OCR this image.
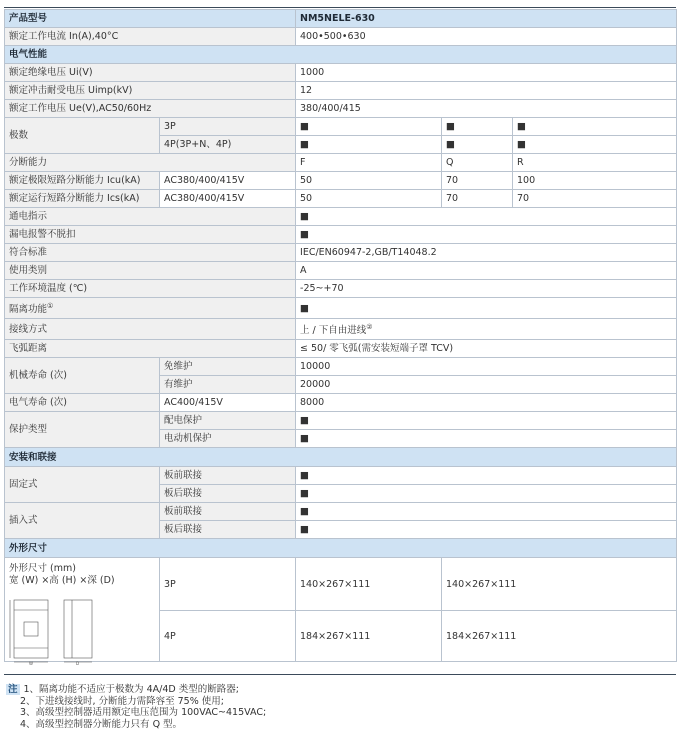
产品型号		NM5NELE-630		
额定工作电流 In(A),40°C		400•500•630		
电气性能				
额定绝缘电压 Ui(V)		1000		
额定冲击耐受电压 Uimp(kV)		12		
额定工作电压 Ue(V),AC50/60Hz		380/400/415		
极数	3P	■	■	■
	4P(3P+N、4P)	■	■	■
分断能力		F	Q	R
额定极限短路分断能力 Icu(kA)	AC380/400/415V	50	70	100
额定运行短路分断能力 Ics(kA)	AC380/400/415V	50	70	70
通电指示		■		
漏电报警不脱扣		■		
符合标准		IEC/EN60947-2,GB/T14048.2		
使用类别		A		
工作环境温度 (℃)		-25~+70		
隔离功能①		■		
接线方式		上 / 下自由进线②
飞弧距离		≤ 50/ 零飞弧(需安装短端子罩 TCV)		
机械寿命 (次)	免维护	10000		
	有维护	20000		
电气寿命 (次)	AC400/415V	8000		
保护类型	配电保护	■		
	电动机保护	■		
安装和联接				
固定式	板前联接	■		
	板后联接	■		
插入式	板前联接	■		
	板后联接	■		
外形尺寸				

外形尺寸 (mm)
宽 (W) ×高 (H) ×深 (D)	3P	140×267×111	140×267×111	
	4P	184×267×111	184×267×111	
W	D
注 1、隔离功能不适应于极数为 4A/4D 类型的断路器;
2、下进线接线时, 分断能力需降容至 75% 使用;
3、高级型控制器适用额定电压范围为 100VAC~415VAC;
4、高级型控制器分断能力只有 Q 型。
